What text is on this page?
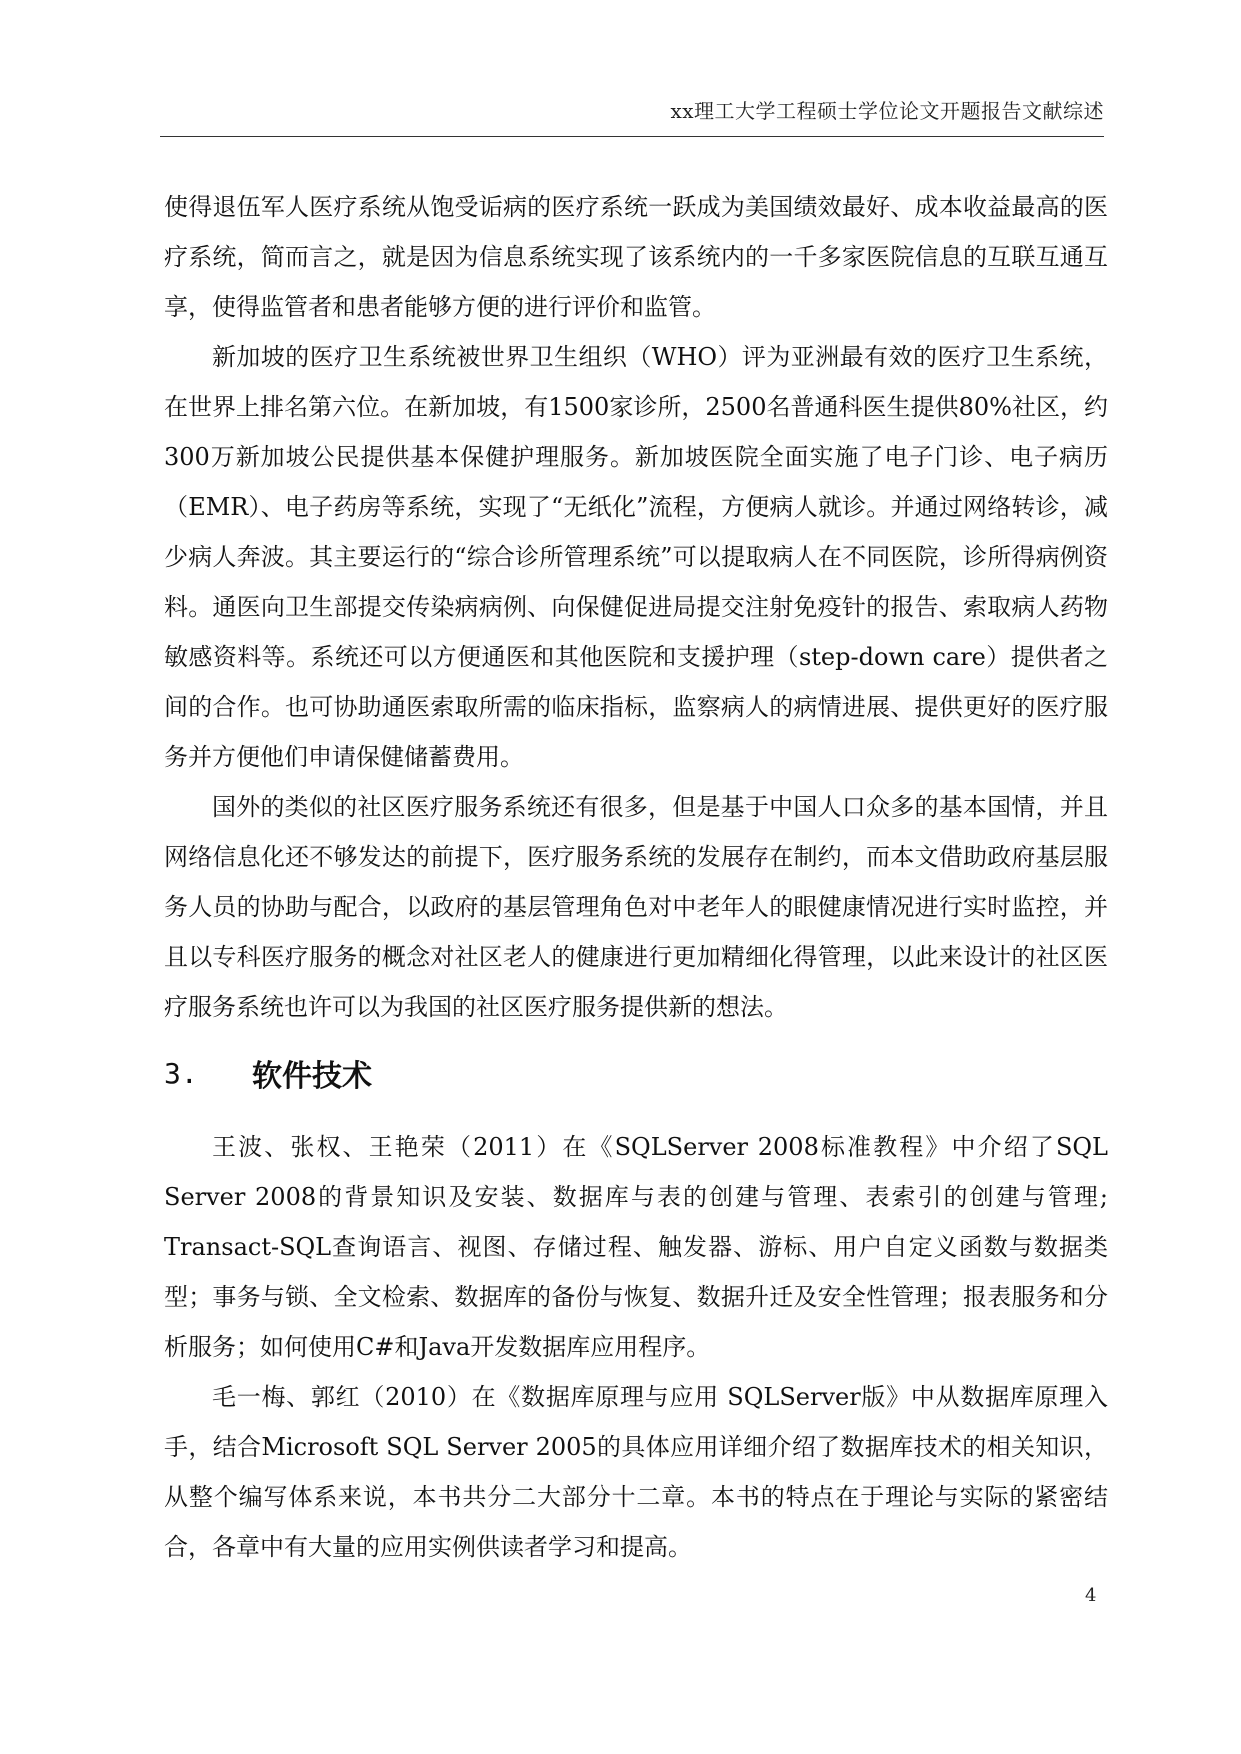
xx理工大学工程硕士学位论文开题报告文献综述

使得退伍军人医疗系统从饱受诟病的医疗系统一跃成为美国绩效最好、成本收益最高的医疗系统，简而言之，就是因为信息系统实现了该系统内的一千多家医院信息的互联互通互享，使得监管者和患者能够方便的进行评价和监管。

新加坡的医疗卫生系统被世界卫生组织（WHO）评为亚洲最有效的医疗卫生系统，在世界上排名第六位。在新加坡，有1500家诊所，2500名普通科医生提供80%社区，约300万新加坡公民提供基本保健护理服务。新加坡医院全面实施了电子门诊、电子病历（EMR）、电子药房等系统，实现了“无纸化”流程，方便病人就诊。并通过网络转诊，减少病人奔波。其主要运行的“综合诊所管理系统”可以提取病人在不同医院，诊所得病例资料。通医向卫生部提交传染病病例、向保健促进局提交注射免疫针的报告、索取病人药物敏感资料等。系统还可以方便通医和其他医院和支援护理（step-down care）提供者之间的合作。也可协助通医索取所需的临床指标，监察病人的病情进展、提供更好的医疗服务并方便他们申请保健储蓄费用。

国外的类似的社区医疗服务系统还有很多，但是基于中国人口众多的基本国情，并且网络信息化还不够发达的前提下，医疗服务系统的发展存在制约，而本文借助政府基层服务人员的协助与配合，以政府的基层管理角色对中老年人的眼健康情况进行实时监控，并且以专科医疗服务的概念对社区老人的健康进行更加精细化得管理，以此来设计的社区医疗服务系统也许可以为我国的社区医疗服务提供新的想法。

3.	软件技术

王波、张权、王艳荣（2011）在《SQLServer 2008标准教程》中介绍了SQL Server 2008的背景知识及安装、数据库与表的创建与管理、表索引的创建与管理; Transact-SQL查询语言、视图、存储过程、触发器、游标、用户自定义函数与数据类型；事务与锁、全文检索、数据库的备份与恢复、数据升迁及安全性管理；报表服务和分析服务；如何使用C#和Java开发数据库应用程序。

毛一梅、郭红（2010）在《数据库原理与应用 SQLServer版》中从数据库原理入手，结合Microsoft SQL Server 2005的具体应用详细介绍了数据库技术的相关知识，从整个编写体系来说，本书共分二大部分十二章。本书的特点在于理论与实际的紧密结合，各章中有大量的应用实例供读者学习和提高。

4
